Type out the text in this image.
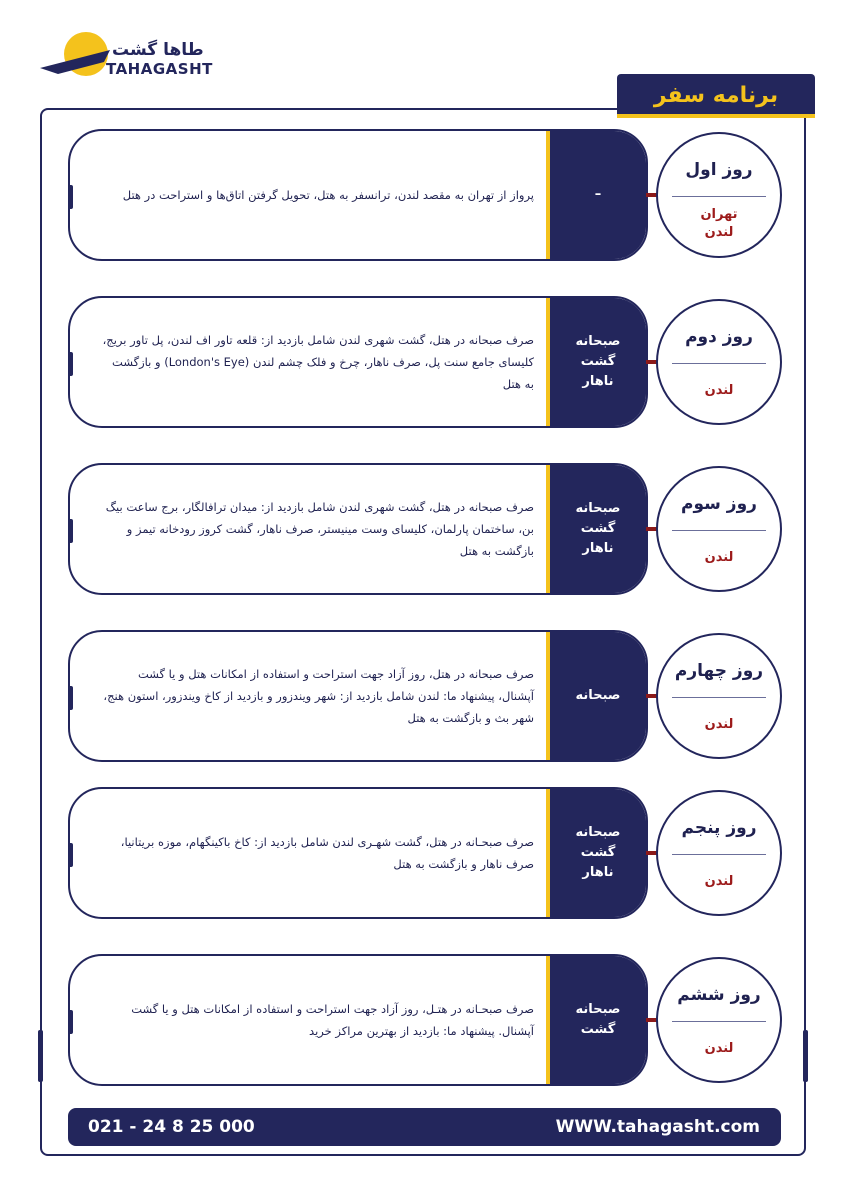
طاها گشت
TAHAGASHT
برنامه سفر
پرواز از تهران به مقصد لندن، ترانسفر به هتل، تحویل گرفتن اتاق‌ها و استراحت در هتل	–
روز اول
تهران
لندن
صرف صبحانه در هتل، گشت شهری لندن شامل بازدید از: قلعه تاور اف لندن، پل تاور بریج، کلیسای جامع سنت پل، صرف ناهار، چرخ و فلک چشم لندن (London's Eye) و بازگشت به هتل
صبحانه
گشت
ناهار
روز دوم
لندن
صرف صبحانه در هتل، گشت شهری لندن شامل بازدید از: میدان ترافالگار، برج ساعت بیگ بن، ساختمان پارلمان، کلیسای وست مینیستر، صرف ناهار، گشت کروز رودخانه تیمز و بازگشت به هتل
صبحانه
گشت
ناهار
روز سوم
لندن
صرف صبحانه در هتل، روز آزاد جهت استراحت و استفاده از امکانات هتل و یا گشت آپشنال، پیشنهاد ما: لندن شامل بازدید از: شهر ویندزور و بازدید از کاخ ویندزور، استون هنج، شهر بث و بازگشت به هتل
صبحانه
روز چهارم
لندن
صرف صبحـانه در هتل، گشت شهـری لندن شامل بازدید از: کاخ باکینگهام، موزه بریتانیا، صرف ناهار و بازگشت به هتل
صبحانه
گشت
ناهار
روز پنجم
لندن
صرف صبحـانه در هتـل، روز آزاد جهت استراحت و استفاده از امکانات هتل و یا گشت آپشنال. پیشنهاد ما: بازدید از بهترین مراکز خرید
صبحانه
گشت
روز ششم
لندن
021 - 24 8 25 000	WWW.tahagasht.com
